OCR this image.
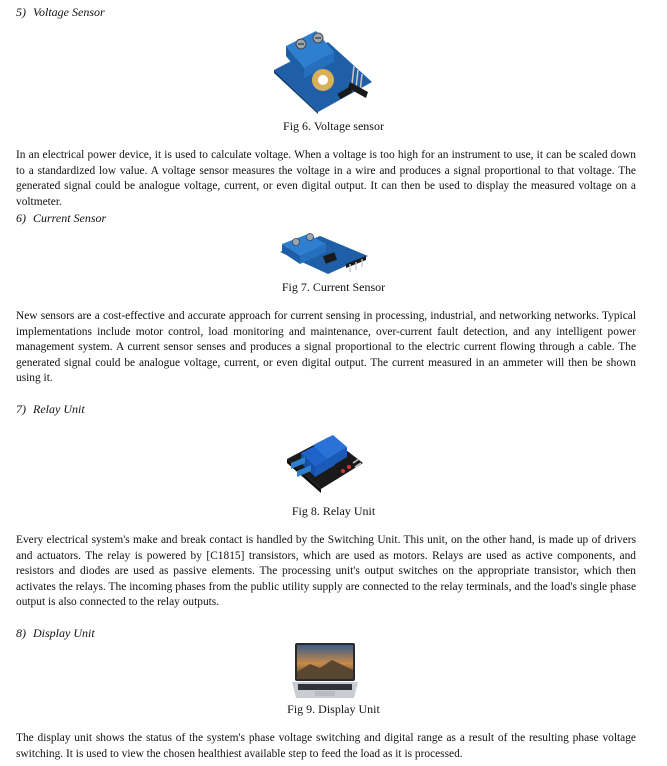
5) Voltage Sensor
Fig 6. Voltage sensor
In an electrical power device, it is used to calculate voltage. When a voltage is too high for an instrument to use, it can be scaled down to a standardized low value. A voltage sensor measures the voltage in a wire and produces a signal proportional to that voltage. The generated signal could be analogue voltage, current, or even digital output. It can then be used to display the measured voltage on a voltmeter.
6) Current Sensor
Fig 7. Current Sensor
New sensors are a cost-effective and accurate approach for current sensing in processing, industrial, and networking networks. Typical implementations include motor control, load monitoring and maintenance, over-current fault detection, and any intelligent power management system. A current sensor senses and produces a signal proportional to the electric current flowing through a cable. The generated signal could be analogue voltage, current, or even digital output. The current measured in an ammeter will then be shown using it.
7) Relay Unit
Fig 8. Relay Unit
Every electrical system's make and break contact is handled by the Switching Unit. This unit, on the other hand, is made up of drivers and actuators. The relay is powered by [C1815] transistors, which are used as motors. Relays are used as active components, and resistors and diodes are used as passive elements. The processing unit's output switches on the appropriate transistor, which then activates the relays. The incoming phases from the public utility supply are connected to the relay terminals, and the load's single phase output is also connected to the relay outputs.
8) Display Unit
Fig 9. Display Unit
The display unit shows the status of the system's phase voltage switching and digital range as a result of the resulting phase voltage switching. It is used to view the chosen healthiest available step to feed the load as it is processed.
